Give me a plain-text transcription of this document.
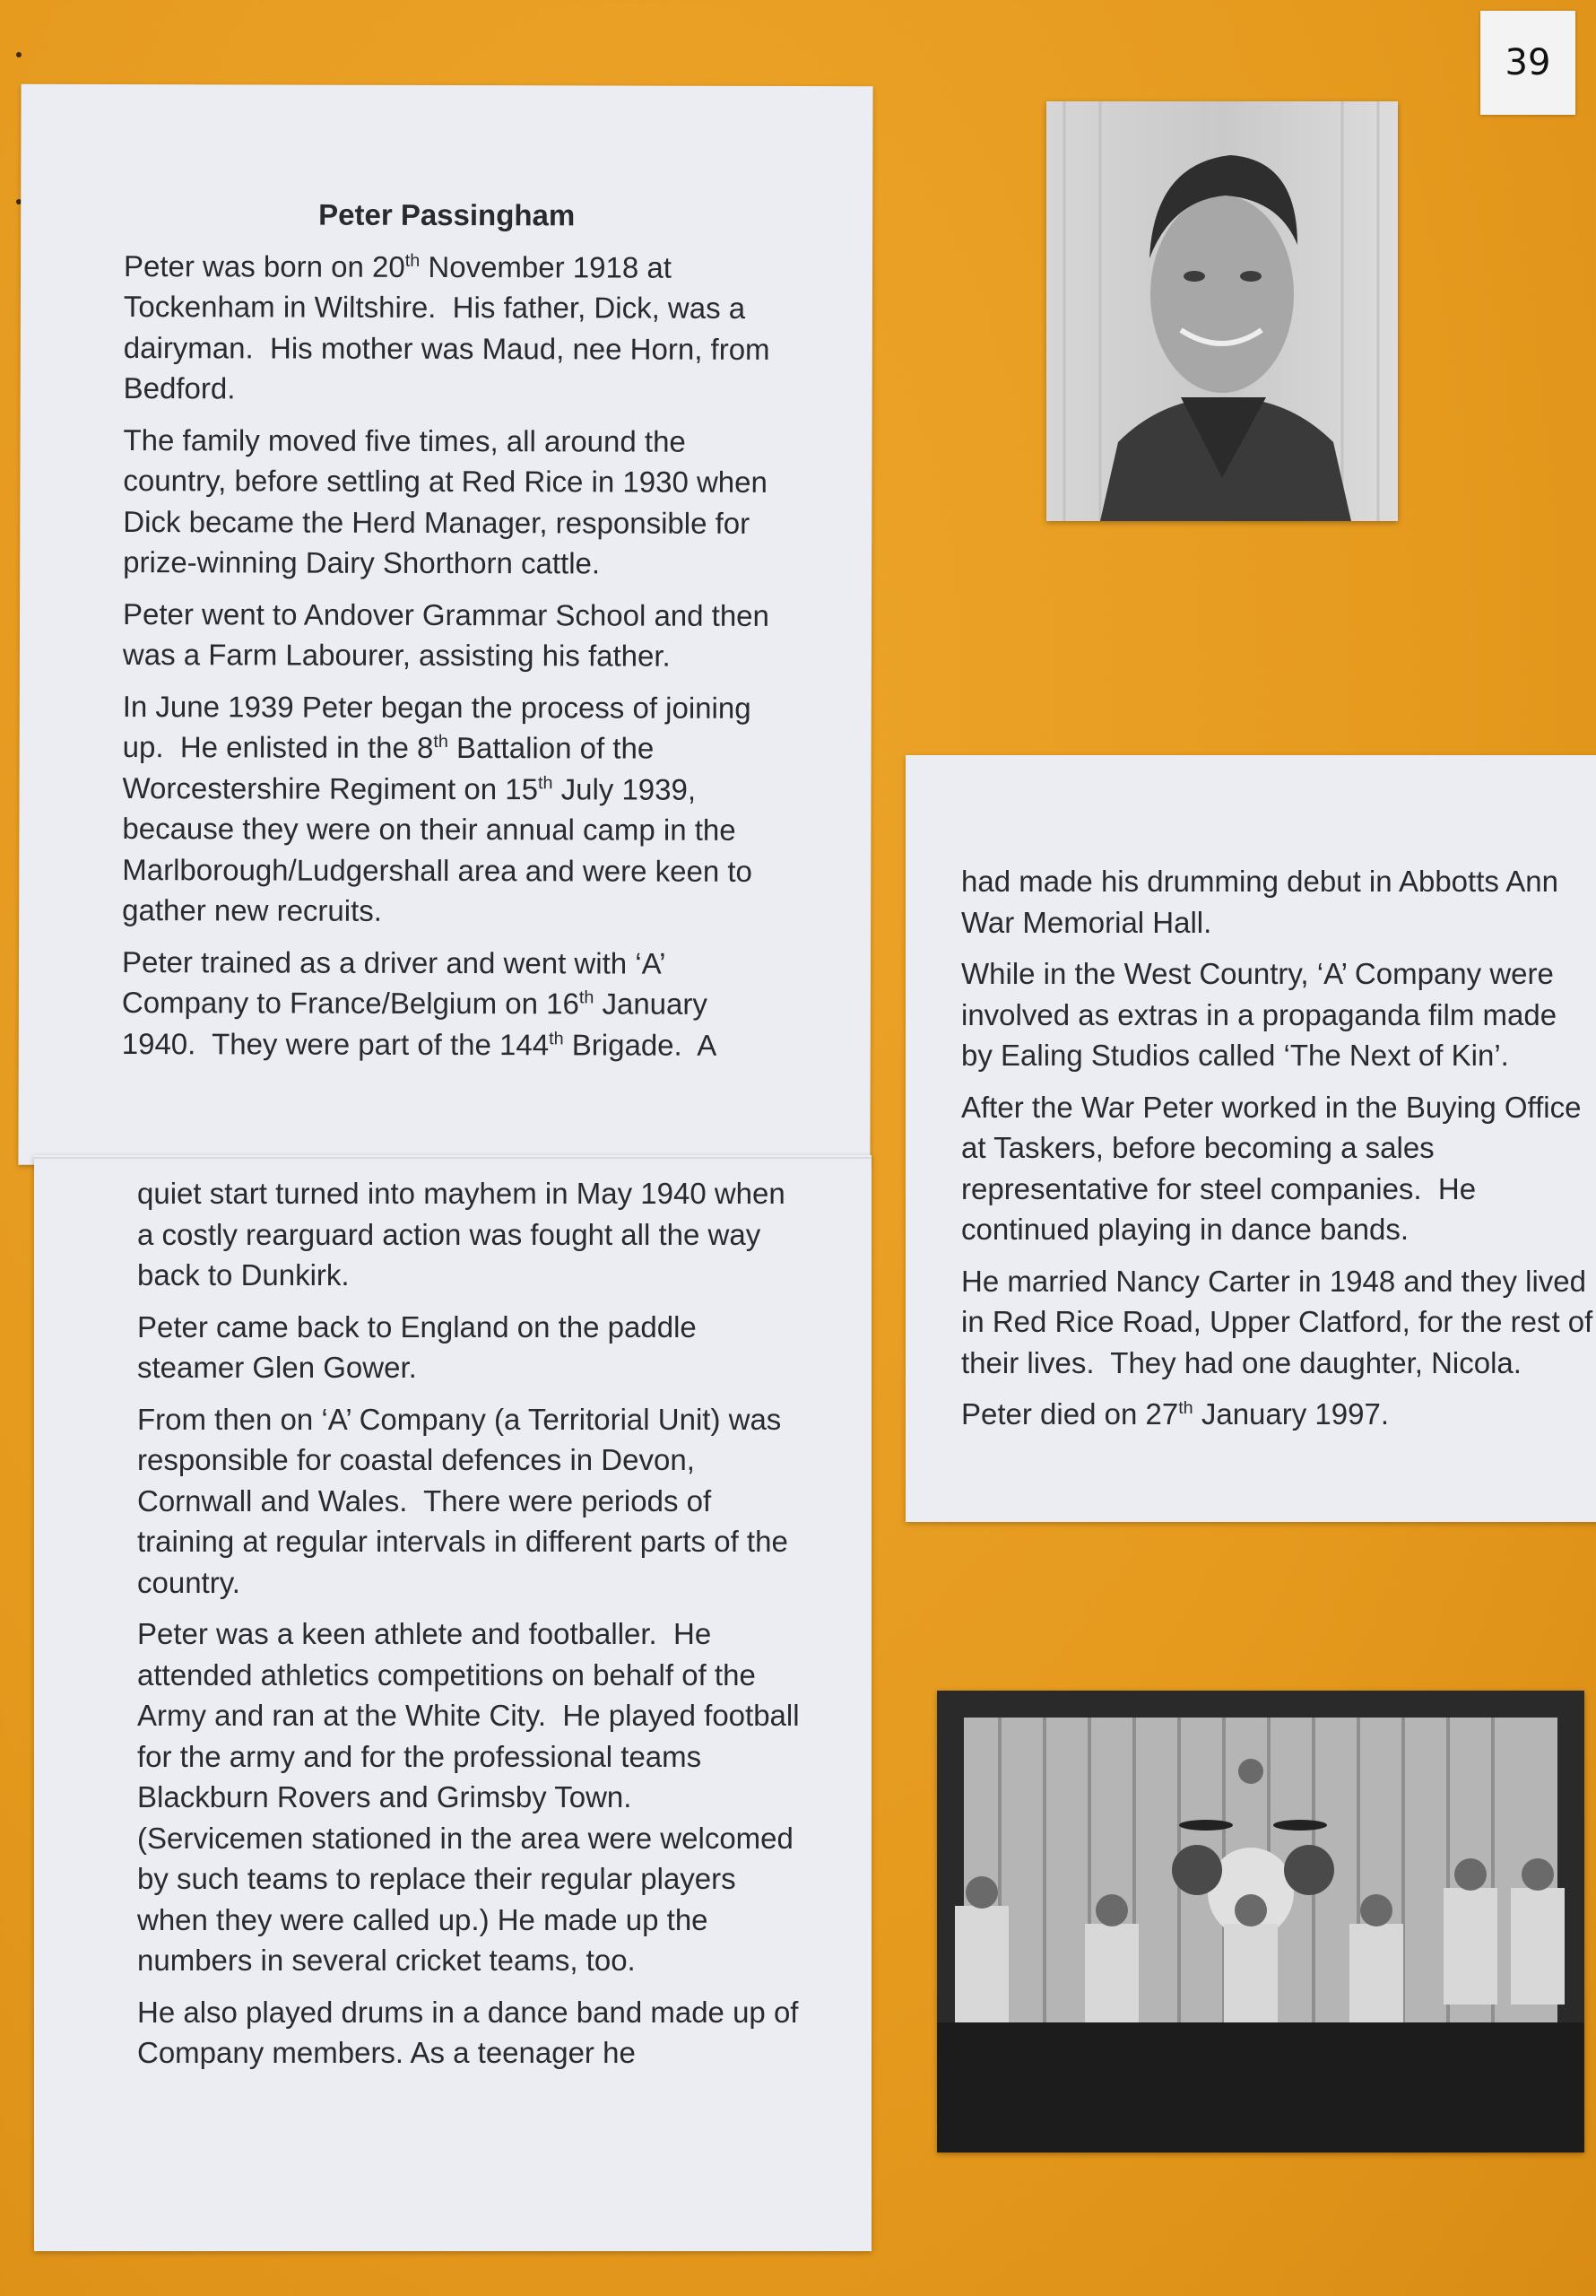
39

Peter Passingham

Peter was born on 20th November 1918 at Tockenham in Wiltshire.  His father, Dick, was a dairyman.  His mother was Maud, nee Horn, from Bedford.

The family moved five times, all around the country, before settling at Red Rice in 1930 when Dick became the Herd Manager, responsible for prize-winning Dairy Shorthorn cattle.

Peter went to Andover Grammar School and then was a Farm Labourer, assisting his father.

In June 1939 Peter began the process of joining up.  He enlisted in the 8th Battalion of the Worcestershire Regiment on 15th July 1939, because they were on their annual camp in the Marlborough/Ludgershall area and were keen to gather new recruits.

Peter trained as a driver and went with ‘A’ Company to France/Belgium on 16th January 1940.  They were part of the 144th Brigade.  A

quiet start turned into mayhem in May 1940 when a costly rearguard action was fought all the way back to Dunkirk.

Peter came back to England on the paddle steamer Glen Gower.

From then on ‘A’ Company (a Territorial Unit) was responsible for coastal defences in Devon, Cornwall and Wales.  There were periods of training at regular intervals in different parts of the country.

Peter was a keen athlete and footballer.  He attended athletics competitions on behalf of the Army and ran at the White City.  He played football for the army and for the professional teams Blackburn Rovers and Grimsby Town. (Servicemen stationed in the area were welcomed by such teams to replace their regular players when they were called up.) He made up the numbers in several cricket teams, too.

He also played drums in a dance band made up of Company members. As a teenager he

had made his drumming debut in Abbotts Ann War Memorial Hall.

While in the West Country, ‘A’ Company were involved as extras in a propaganda film made by Ealing Studios called ‘The Next of Kin’.

After the War Peter worked in the Buying Office at Taskers, before becoming a sales representative for steel companies.  He continued playing in dance bands.

He married Nancy Carter in 1948 and they lived in Red Rice Road, Upper Clatford, for the rest of their lives.  They had one daughter, Nicola.

Peter died on 27th January 1997.
